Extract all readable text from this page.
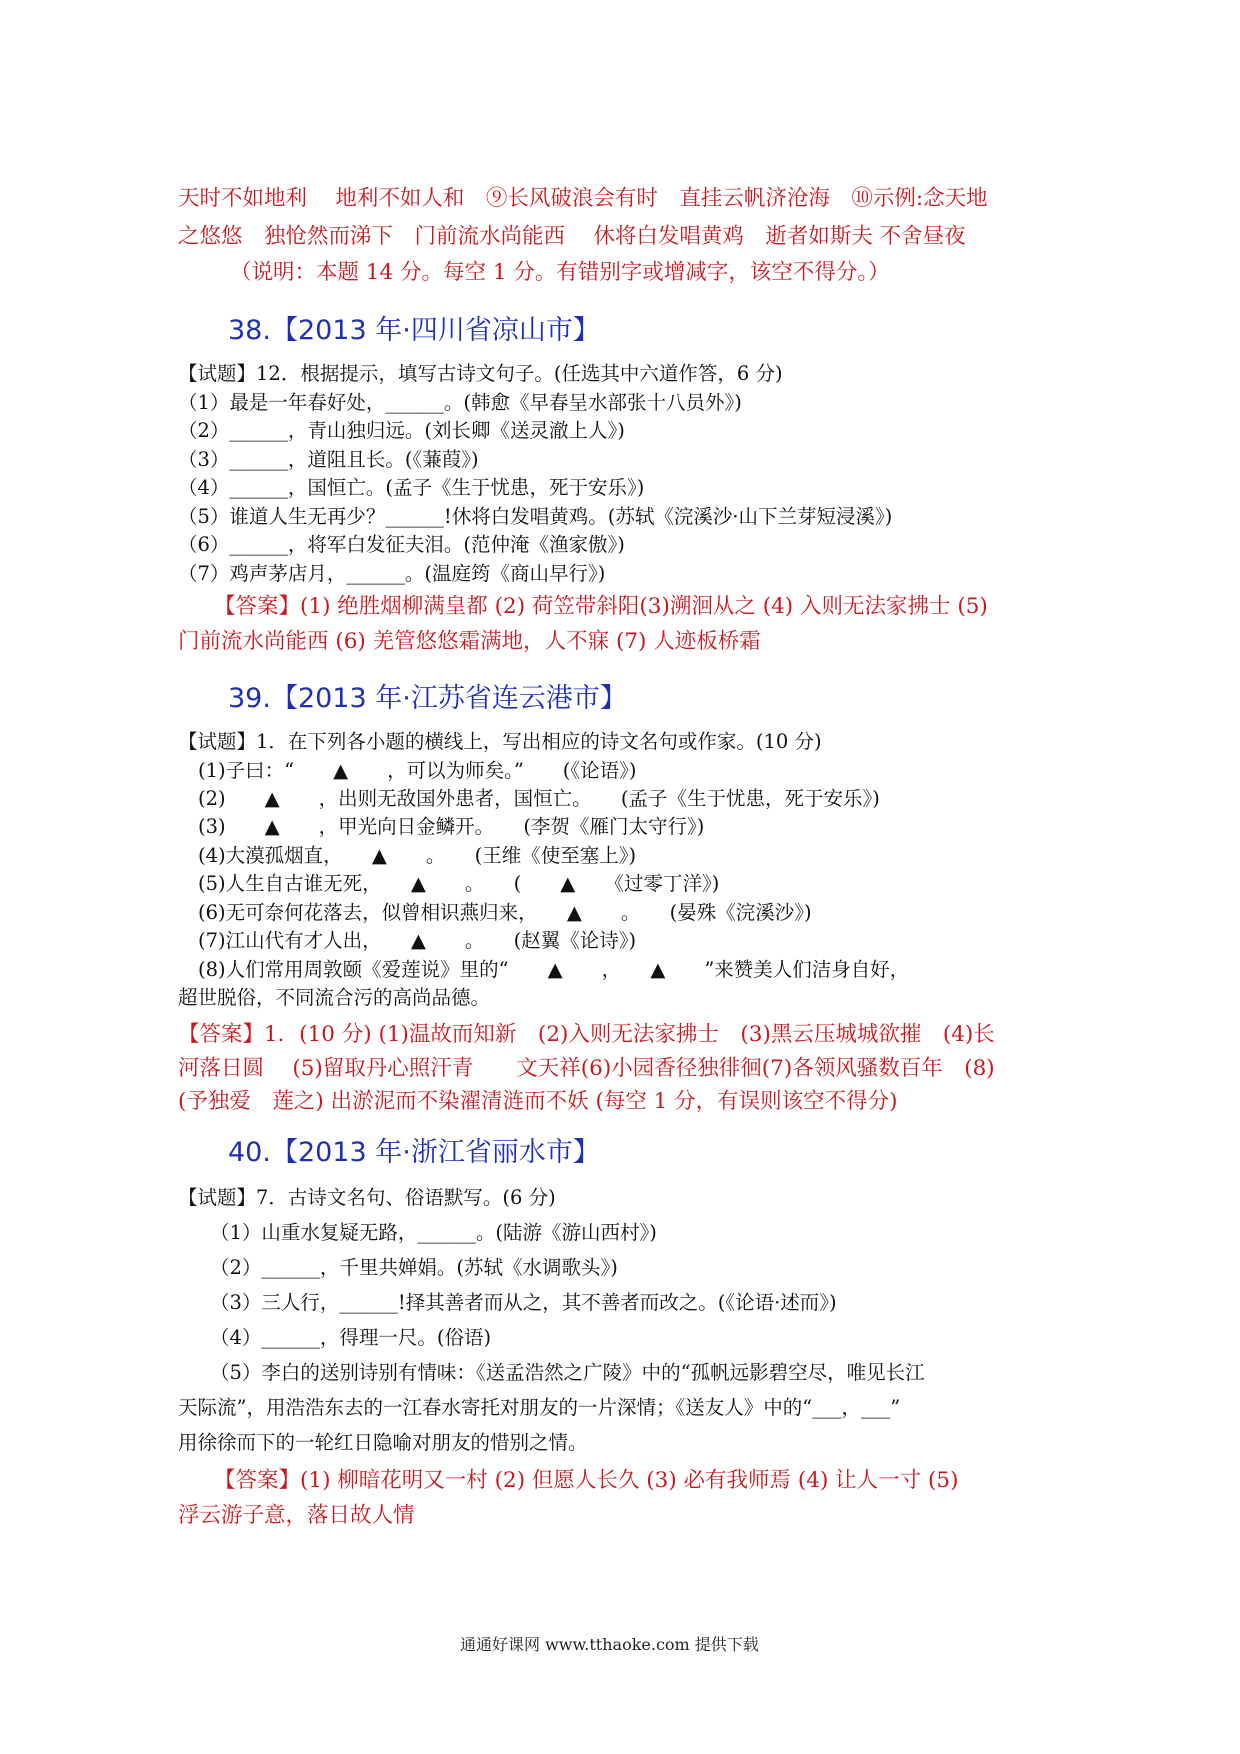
天时不如地利　 地利不如人和　⑨长风破浪会有时　直挂云帆济沧海　⑩示例:念天地
之悠悠　独怆然而涕下　门前流水尚能西　 休将白发唱黄鸡　逝者如斯夫 不舍昼夜
（说明：本题 14 分。每空 1 分。有错别字或增减字，该空不得分。）
38.【2013 年·四川省凉山市】
【试题】12．根据提示，填写古诗文句子。(任选其中六道作答，6 分)
（1）最是一年春好处，______。(韩愈《早春呈水部张十八员外》)
（2）______，青山独归远。(刘长卿《送灵澈上人》)
（3）______，道阻且长。(《蒹葭》)
（4）______，国恒亡。(孟子《生于忧患，死于安乐》)
（5）谁道人生无再少？______!休将白发唱黄鸡。(苏轼《浣溪沙·山下兰芽短浸溪》)
（6）______，将军白发征夫泪。(范仲淹《渔家傲》)
（7）鸡声茅店月，______。(温庭筠《商山早行》)
【答案】(1) 绝胜烟柳满皇都 (2) 荷笠带斜阳(3)溯洄从之 (4) 入则无法家拂士 (5)
门前流水尚能西 (6) 羌管悠悠霜满地，人不寐 (7) 人迹板桥霜
39.【2013 年·江苏省连云港市】
【试题】1．在下列各小题的横线上，写出相应的诗文名句或作家。(10 分)
(1)子曰：“　　▲　　，可以为师矣。”　　(《论语》)
(2)　　▲　　，出则无敌国外患者，国恒亡。　　(孟子《生于忧患，死于安乐》)
(3)　　▲　　，甲光向日金鳞开。　　(李贺《雁门太守行》)
(4)大漠孤烟直，　　▲　　。　　(王维《使至塞上》)
(5)人生自古谁无死，　　▲　　。　　(　　▲　　《过零丁洋》)
(6)无可奈何花落去，似曾相识燕归来，　　▲　　。　　(晏殊《浣溪沙》)
(7)江山代有才人出，　　▲　　。　　(赵翼《论诗》)
(8)人们常用周敦颐《爱莲说》里的“　　▲　　，　　▲　　”来赞美人们洁身自好，
超世脱俗，不同流合污的高尚品德。
【答案】1．(10 分) (1)温故而知新　(2)入则无法家拂士　(3)黑云压城城欲摧　(4)长
河落日圆　 (5)留取丹心照汗青　　文天祥(6)小园香径独徘徊(7)各领风骚数百年　(8)
(予独爱　莲之) 出淤泥而不染濯清涟而不妖 (每空 1 分，有误则该空不得分)
40.【2013 年·浙江省丽水市】
【试题】7．古诗文名句、俗语默写。(6 分)
（1）山重水复疑无路，______。(陆游《游山西村》)
（2）______，千里共婵娟。(苏轼《水调歌头》)
（3）三人行，______!择其善者而从之，其不善者而改之。(《论语·述而》)
（4）______，得理一尺。(俗语)
（5）李白的送别诗别有情味：《送孟浩然之广陵》中的“孤帆远影碧空尽，唯见长江
天际流”，用浩浩东去的一江春水寄托对朋友的一片深情；《送友人》中的“___，___”
用徐徐而下的一轮红日隐喻对朋友的惜别之情。
【答案】(1) 柳暗花明又一村 (2) 但愿人长久 (3) 必有我师焉 (4) 让人一寸 (5)
浮云游子意，落日故人情
通通好课网 www.tthaoke.com 提供下载
